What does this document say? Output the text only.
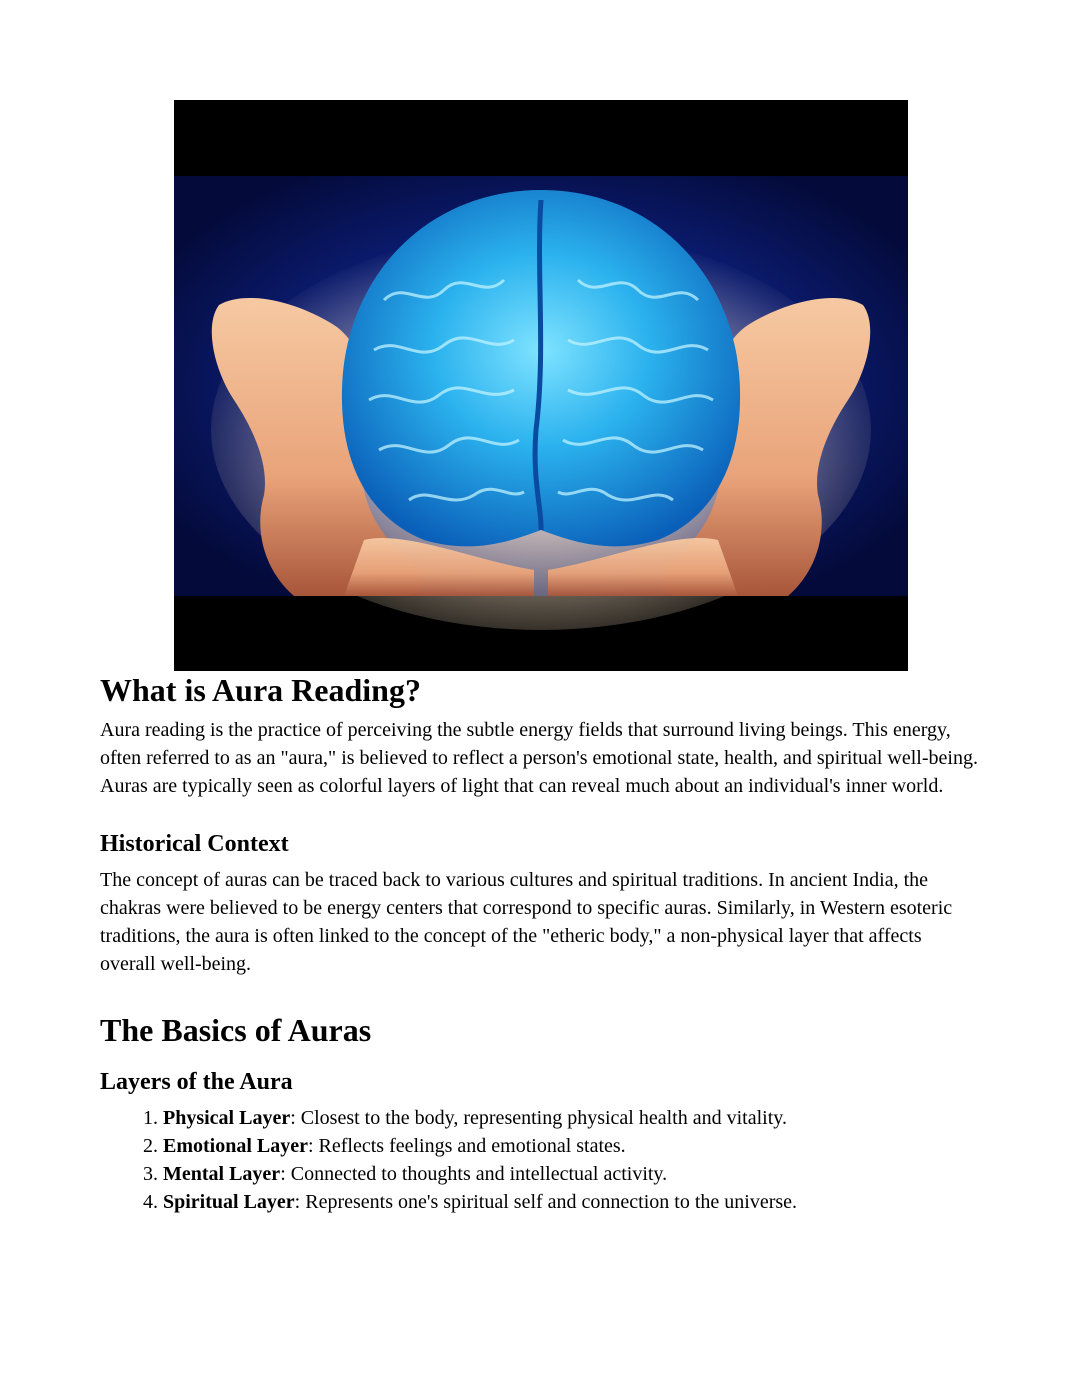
What is Aura Reading?

Aura reading is the practice of perceiving the subtle energy fields that surround living beings. This energy, often referred to as an "aura," is believed to reflect a person's emotional state, health, and spiritual well-being. Auras are typically seen as colorful layers of light that can reveal much about an individual's inner world.

Historical Context

The concept of auras can be traced back to various cultures and spiritual traditions. In ancient India, the chakras were believed to be energy centers that correspond to specific auras. Similarly, in Western esoteric traditions, the aura is often linked to the concept of the "etheric body," a non-physical layer that affects overall well-being.

The Basics of Auras
Layers of the Aura
1. Physical Layer: Closest to the body, representing physical health and vitality.
2. Emotional Layer: Reflects feelings and emotional states.
3. Mental Layer: Connected to thoughts and intellectual activity.
4. Spiritual Layer: Represents one's spiritual self and connection to the universe.
